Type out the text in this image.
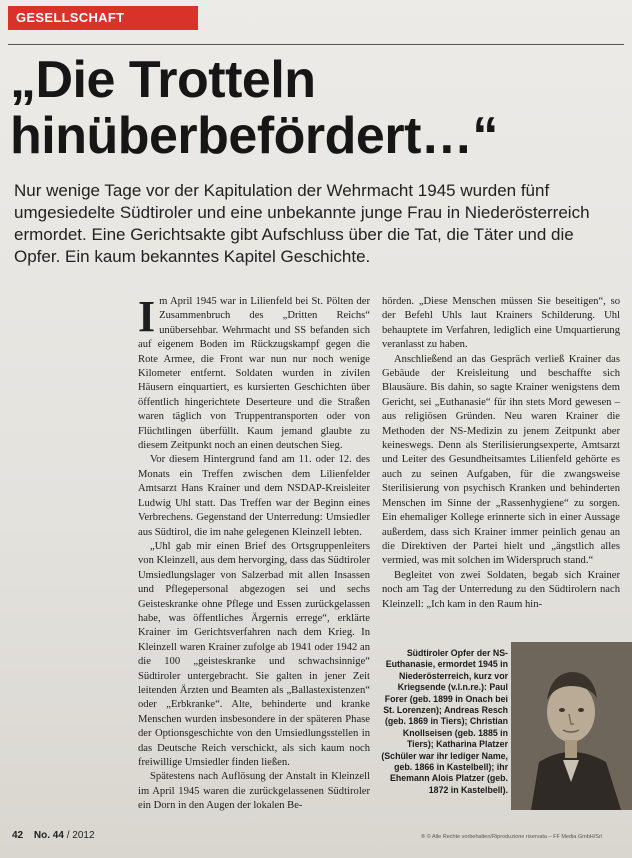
GESELLSCHAFT
„Die Trotteln
hinüberbefördert…“

Nur wenige Tage vor der Kapitulation der Wehrmacht 1945 wurden fünf umgesiedelte Südtiroler und eine unbekannte junge Frau in Niederösterreich ermordet. Eine Gerichtsakte gibt Aufschluss über die Tat, die Täter und die Opfer. Ein kaum bekanntes Kapitel Geschichte.

Im April 1945 war in Lilienfeld bei St. Pölten der Zusammenbruch des „Dritten Reichs“ unübersehbar. Wehrmacht und SS befanden sich auf eigenem Boden im Rückzugskampf gegen die Rote Armee, die Front war nun nur noch wenige Kilometer entfernt. Soldaten wurden in zivilen Häusern einquartiert, es kursierten Geschichten über öffentlich hingerichtete Deserteure und die Straßen waren täglich von Truppentransporten oder von Flüchtlingen überfüllt. Kaum jemand glaubte zu diesem Zeitpunkt noch an einen deutschen Sieg.

Vor diesem Hintergrund fand am 11. oder 12. des Monats ein Treffen zwischen dem Lilienfelder Amtsarzt Hans Krainer und dem NSDAP-Kreisleiter Ludwig Uhl statt. Das Treffen war der Beginn eines Verbrechens. Gegenstand der Unterredung: Umsiedler aus Südtirol, die im nahe gelegenen Kleinzell lebten.

„Uhl gab mir einen Brief des Ortsgruppenleiters von Kleinzell, aus dem hervorging, dass das Südtiroler Umsiedlungslager von Salzerbad mit allen Insassen und Pflegepersonal abgezogen sei und sechs Geisteskranke ohne Pflege und Essen zurückgelassen habe, was öffentliches Ärgernis errege“, erklärte Krainer im Gerichtsverfahren nach dem Krieg. In Kleinzell waren Krainer zufolge ab 1941 oder 1942 an die 100 „geisteskranke und schwachsinnige“ Südtiroler untergebracht. Sie galten in jener Zeit leitenden Ärzten und Beamten als „Ballastexistenzen“ oder „Erbkranke“. Alte, behinderte und kranke Menschen wurden insbesondere in der späteren Phase der Optionsgeschichte von den Umsiedlungsstellen in das Deutsche Reich verschickt, als sich kaum noch freiwillige Umsiedler finden ließen.

Spätestens nach Auflösung der Anstalt in Kleinzell im April 1945 waren die zurückgelassenen Südtiroler ein Dorn in den Augen der lokalen Be-

hörden. „Diese Menschen müssen Sie beseitigen“, so der Befehl Uhls laut Krainers Schilderung. Uhl behauptete im Verfahren, lediglich eine Umquartierung veranlasst zu haben.

Anschließend an das Gespräch verließ Krainer das Gebäude der Kreisleitung und beschaffte sich Blausäure. Bis dahin, so sagte Krainer wenigstens dem Gericht, sei „Euthanasie“ für ihn stets Mord gewesen – aus religiösen Gründen. Neu waren Krainer die Methoden der NS-Medizin zu jenem Zeitpunkt aber keineswegs. Denn als Sterilisierungsexperte, Amtsarzt und Leiter des Gesundheitsamtes Lilienfeld gehörte es auch zu seinen Aufgaben, für die zwangsweise Sterilisierung von psychisch Kranken und behinderten Menschen im Sinne der „Rassenhygiene“ zu sorgen. Ein ehemaliger Kollege erinnerte sich in einer Aussage außerdem, dass sich Krainer immer peinlich genau an die Direktiven der Partei hielt und „ängstlich alles vermied, was mit solchen im Widerspruch stand.“

Begleitet von zwei Soldaten, begab sich Krainer noch am Tag der Unterredung zu den Südtirolern nach Kleinzell: „Ich kam in den Raum hin-

Südtiroler Opfer der NS-Euthanasie, ermordet 1945 in Niederösterreich, kurz vor Kriegsende (v.l.n.re.): Paul Forer (geb. 1899 in Onach bei St. Lorenzen); Andreas Resch (geb. 1869 in Tiers); Christian Knollseisen (geb. 1885 in Tiers); Katharina Platzer (Schüler war ihr lediger Name, geb. 1866 in Kastelbell); ihr Ehemann Alois Platzer (geb. 1872 in Kastelbell).
42 No. 44 / 2012	® © Alle Rechte vorbehalten/Riproduzione riservata – FF Media GmbH/Srl
